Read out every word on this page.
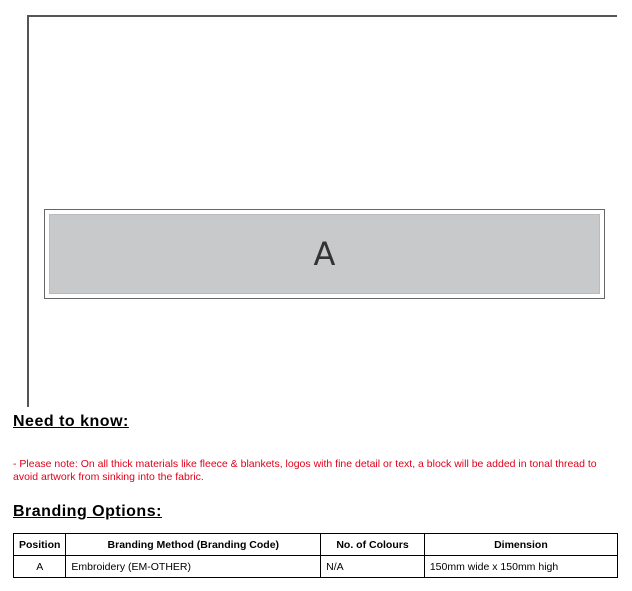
A
Need to know:
- Please note: On all thick materials like fleece & blankets, logos with fine detail or text, a block will be added in tonal thread to avoid artwork from sinking into the fabric.
Branding Options:
Position	Branding Method (Branding Code)	No. of Colours	Dimension
A	Embroidery (EM-OTHER)	N/A	150mm wide x 150mm high
